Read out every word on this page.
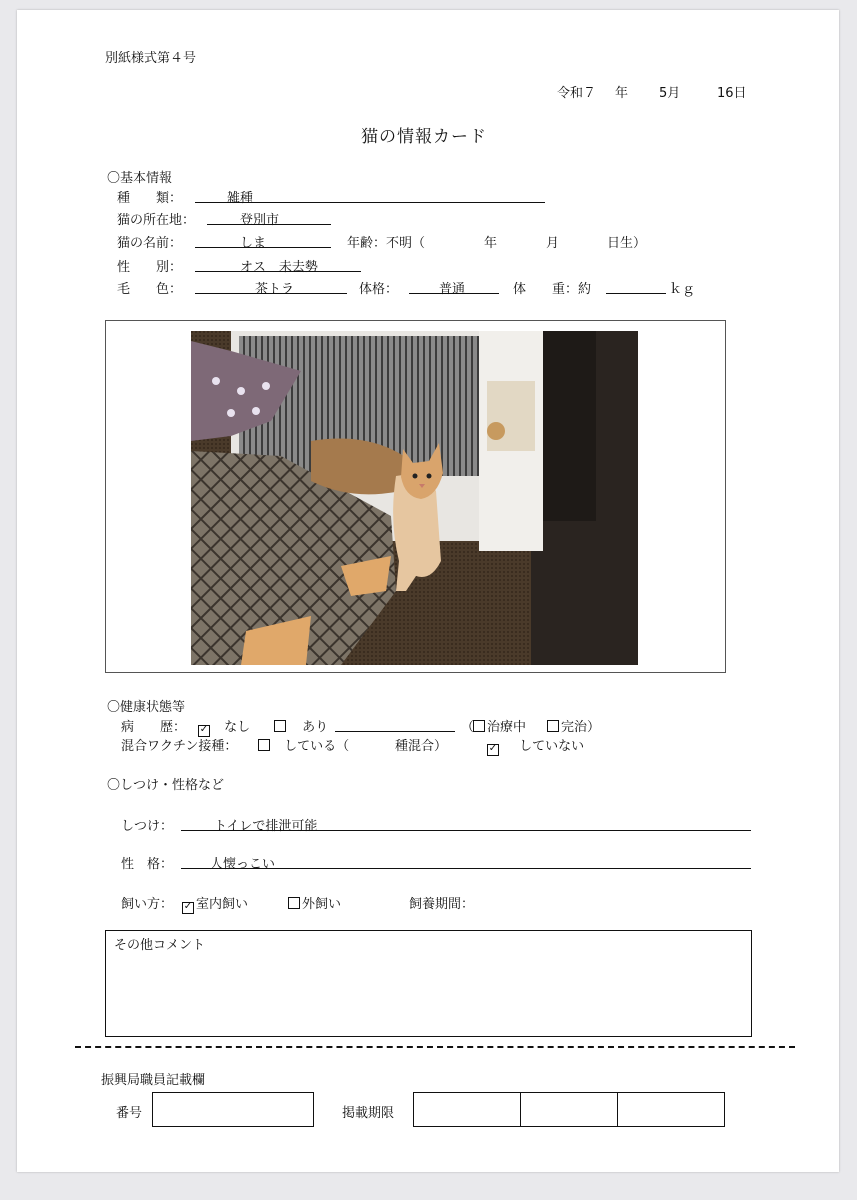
別紙様式第４号
令和７ 年 5月	16日
猫の情報カード
〇基本情報
種　　類：	雑種
猫の所在地：	登別市
猫の名前：	しま	年齢：不明（	年	月	日生）
性　　別：	オス　未去勢
毛　　色：	茶トラ	体格：	普通	体　　重：約	ｋｇ
〇健康状態等
病　　歴： ✓	なし	あり	（ 治療中	完治）
混合ワクチン接種：	している（	種混合） ✓	していない
〇しつけ・性格など
しつけ：	トイレで排泄可能
性　格：	人懐っこい
飼い方： ✓	室内飼い	外飼い	飼養期間：
その他コメント
振興局職員記載欄
番号	掲載期限
